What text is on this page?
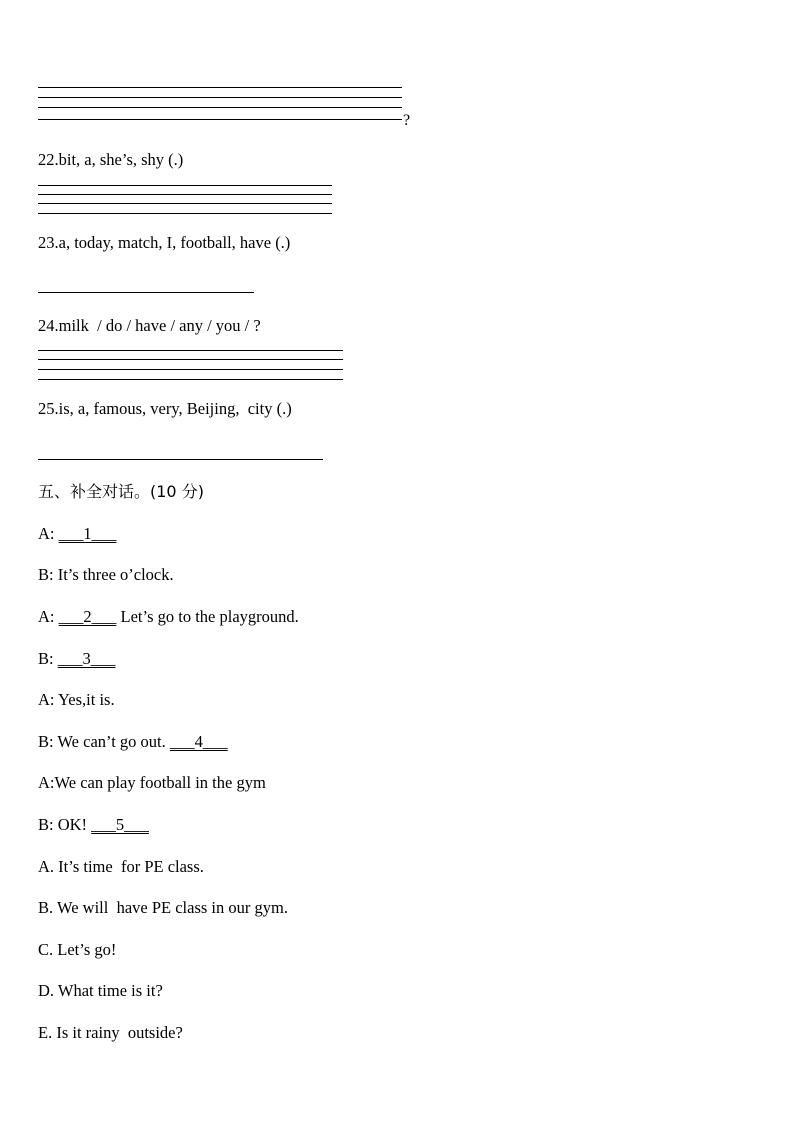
?
22.bit, a, she’s, shy (.)
23.a, today, match, I, football, have (.)
24.milk  / do / have / any / you / ?
25.is, a, famous, very, Beijing,  city (.)
五、补全对话。(10 分)
A: ___1___
B: It’s three o’clock.
A: ___2___ Let’s go to the playground.
B: ___3___
A: Yes,it is.
B: We can’t go out. ___4___
A:We can play football in the gym
B: OK! ___5___
A. It’s time  for PE class.
B. We will  have PE class in our gym.
C. Let’s go!
D. What time is it?
E. Is it rainy  outside?
